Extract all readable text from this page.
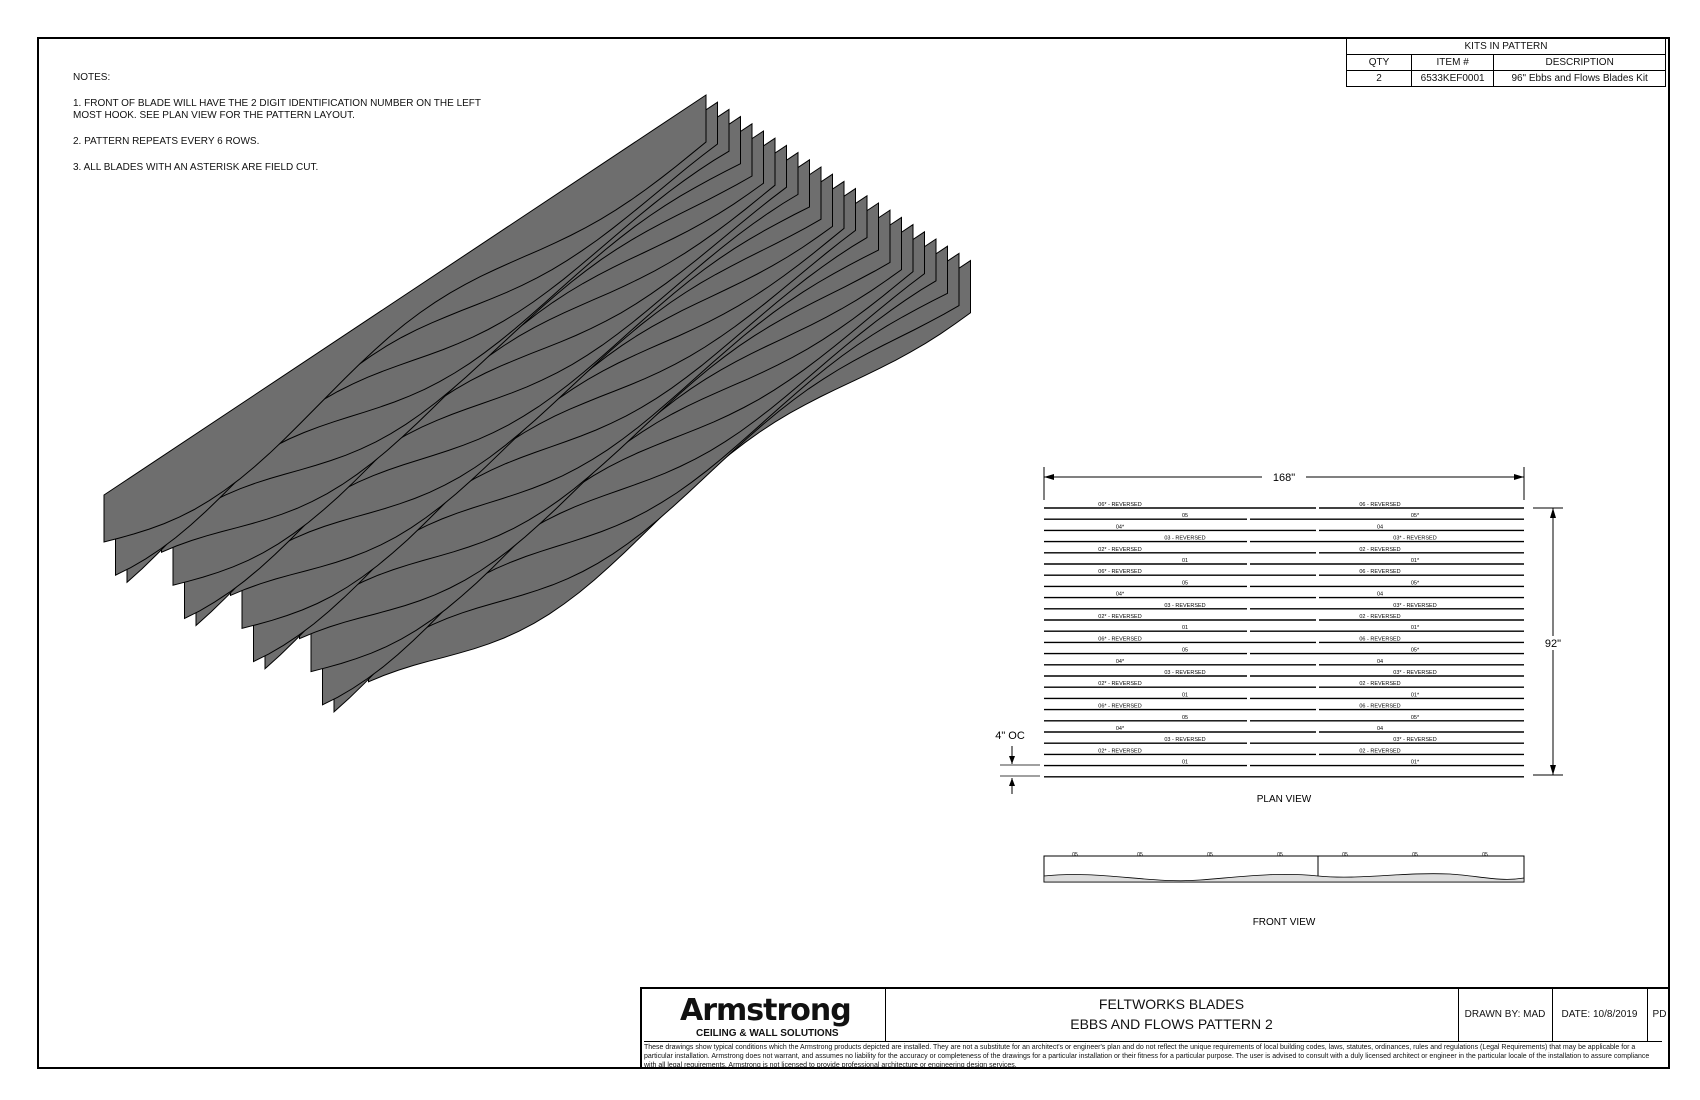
NOTES:

1. FRONT OF BLADE WILL HAVE THE 2 DIGIT IDENTIFICATION NUMBER ON THE LEFT MOST HOOK. SEE PLAN VIEW FOR THE PATTERN LAYOUT.

2. PATTERN REPEATS EVERY 6 ROWS.

3. ALL BLADES WITH AN ASTERISK ARE FIELD CUT.

KITS IN PATTERN		
QTY	ITEM #	DESCRIPTION
2	6533KEF0001	96" Ebbs and Flows Blades Kit
168"
92"
4" OC
06* - REVERSED	06 - REVERSED
05	05*
04*	04
03 - REVERSED	03* - REVERSED
02* - REVERSED	02 - REVERSED
01	01*
06* - REVERSED	06 - REVERSED
05	05*
04*	04
03 - REVERSED	03* - REVERSED
02* - REVERSED	02 - REVERSED
01	01*
06* - REVERSED	06 - REVERSED
05	05*
04*	04
03 - REVERSED	03* - REVERSED
02* - REVERSED	02 - REVERSED
01	01*
06* - REVERSED	06 - REVERSED
05	05*
04*	04
03 - REVERSED	03* - REVERSED
02* - REVERSED	02 - REVERSED
01	01*
PLAN VIEW
05	05	05	05	05	05	05
FRONT VIEW
Armstrong
CEILING & WALL SOLUTIONS
FELTWORKS BLADES
EBBS AND FLOWS PATTERN 2
DRAWN BY: MAD	DATE: 10/8/2019	PD
These drawings show typical conditions which the Armstrong products depicted are installed. They are not a substitute for an architect's or engineer's plan and do not reflect the unique requirements of local building codes, laws, statutes, ordinances, rules and regulations (Legal Requirements) that may be applicable for a particular installation. Armstrong does not warrant, and assumes no liability for the accuracy or completeness of the drawings for a particular installation or their fitness for a particular purpose. The user is advised to consult with a duly licensed architect or engineer in the particular locale of the installation to assure compliance with all legal requirements. Armstrong is not licensed to provide professional architecture or engineering design services.
